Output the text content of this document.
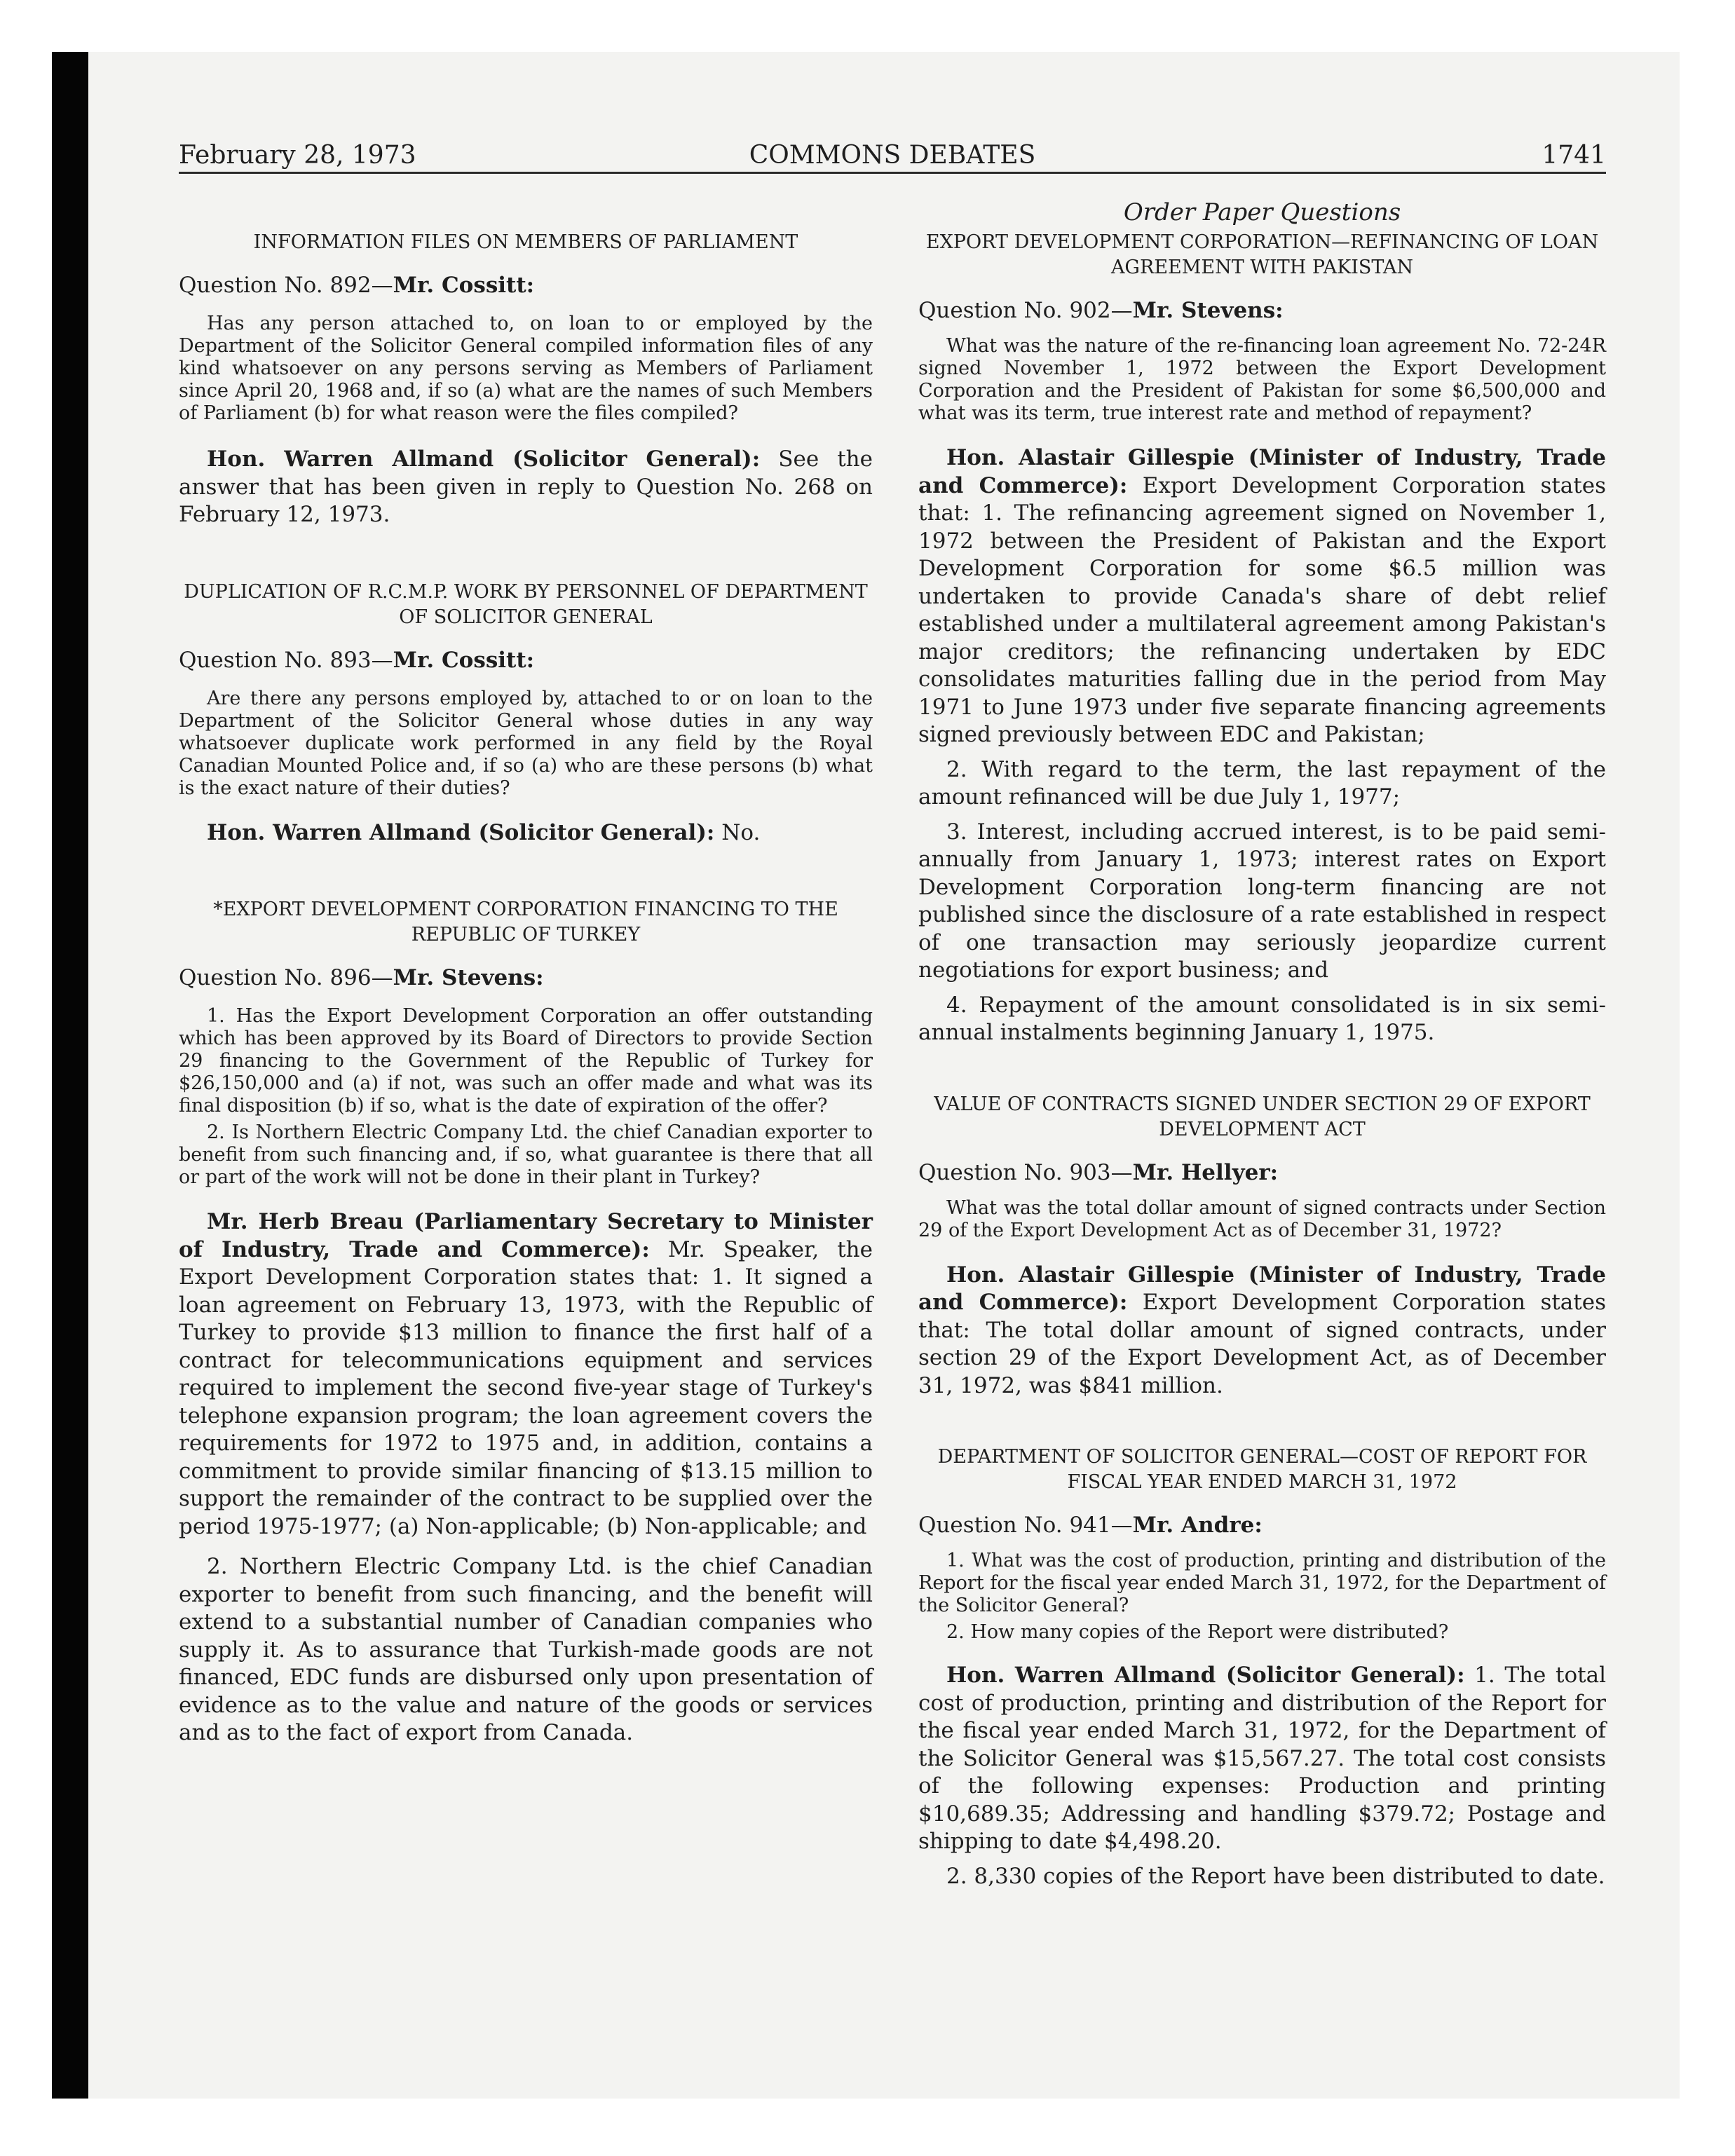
February 28, 1973	COMMONS DEBATES	1741
Order Paper Questions

INFORMATION FILES ON MEMBERS OF PARLIAMENT

Question No. 892—Mr. Cossitt:

Has any person attached to, on loan to or employed by the Department of the Solicitor General compiled information files of any kind whatsoever on any persons serving as Members of Parliament since April 20, 1968 and, if so (a) what are the names of such Members of Parliament (b) for what reason were the files compiled?

Hon. Warren Allmand (Solicitor General): See the answer that has been given in reply to Question No. 268 on February 12, 1973.

DUPLICATION OF R.C.M.P. WORK BY PERSONNEL OF DEPARTMENT OF SOLICITOR GENERAL

Question No. 893—Mr. Cossitt:

Are there any persons employed by, attached to or on loan to the Department of the Solicitor General whose duties in any way whatsoever duplicate work performed in any field by the Royal Canadian Mounted Police and, if so (a) who are these persons (b) what is the exact nature of their duties?

Hon. Warren Allmand (Solicitor General): No.

*EXPORT DEVELOPMENT CORPORATION FINANCING TO THE REPUBLIC OF TURKEY

Question No. 896—Mr. Stevens:

1. Has the Export Development Corporation an offer outstanding which has been approved by its Board of Directors to provide Section 29 financing to the Government of the Republic of Turkey for $26,150,000 and (a) if not, was such an offer made and what was its final disposition (b) if so, what is the date of expiration of the offer?

2. Is Northern Electric Company Ltd. the chief Canadian exporter to benefit from such financing and, if so, what guarantee is there that all or part of the work will not be done in their plant in Turkey?

Mr. Herb Breau (Parliamentary Secretary to Minister of Industry, Trade and Commerce): Mr. Speaker, the Export Development Corporation states that: 1. It signed a loan agreement on February 13, 1973, with the Republic of Turkey to provide $13 million to finance the first half of a contract for telecommunications equipment and services required to implement the second five-year stage of Turkey's telephone expansion program; the loan agreement covers the requirements for 1972 to 1975 and, in addition, contains a commitment to provide similar financing of $13.15 million to support the remainder of the contract to be supplied over the period 1975-1977; (a) Non-applicable; (b) Non-applicable; and

2. Northern Electric Company Ltd. is the chief Canadian exporter to benefit from such financing, and the benefit will extend to a substantial number of Canadian companies who supply it. As to assurance that Turkish-made goods are not financed, EDC funds are disbursed only upon presentation of evidence as to the value and nature of the goods or services and as to the fact of export from Canada.

EXPORT DEVELOPMENT CORPORATION—REFINANCING OF LOAN AGREEMENT WITH PAKISTAN

Question No. 902—Mr. Stevens:

What was the nature of the re-financing loan agreement No. 72-24R signed November 1, 1972 between the Export Development Corporation and the President of Pakistan for some $6,500,000 and what was its term, true interest rate and method of repayment?

Hon. Alastair Gillespie (Minister of Industry, Trade and Commerce): Export Development Corporation states that: 1. The refinancing agreement signed on November 1, 1972 between the President of Pakistan and the Export Development Corporation for some $6.5 million was undertaken to provide Canada's share of debt relief established under a multilateral agreement among Pakistan's major creditors; the refinancing undertaken by EDC consolidates maturities falling due in the period from May 1971 to June 1973 under five separate financing agreements signed previously between EDC and Pakistan;

2. With regard to the term, the last repayment of the amount refinanced will be due July 1, 1977;

3. Interest, including accrued interest, is to be paid semi-annually from January 1, 1973; interest rates on Export Development Corporation long-term financing are not published since the disclosure of a rate established in respect of one transaction may seriously jeopardize current negotiations for export business; and

4. Repayment of the amount consolidated is in six semi-annual instalments beginning January 1, 1975.

VALUE OF CONTRACTS SIGNED UNDER SECTION 29 OF EXPORT DEVELOPMENT ACT

Question No. 903—Mr. Hellyer:

What was the total dollar amount of signed contracts under Section 29 of the Export Development Act as of December 31, 1972?

Hon. Alastair Gillespie (Minister of Industry, Trade and Commerce): Export Development Corporation states that: The total dollar amount of signed contracts, under section 29 of the Export Development Act, as of December 31, 1972, was $841 million.

DEPARTMENT OF SOLICITOR GENERAL—COST OF REPORT FOR FISCAL YEAR ENDED MARCH 31, 1972

Question No. 941—Mr. Andre:

1. What was the cost of production, printing and distribution of the Report for the fiscal year ended March 31, 1972, for the Department of the Solicitor General?

2. How many copies of the Report were distributed?

Hon. Warren Allmand (Solicitor General): 1. The total cost of production, printing and distribution of the Report for the fiscal year ended March 31, 1972, for the Department of the Solicitor General was $15,567.27. The total cost consists of the following expenses: Production and printing $10,689.35; Addressing and handling $379.72; Postage and shipping to date $4,498.20.

2. 8,330 copies of the Report have been distributed to date.
